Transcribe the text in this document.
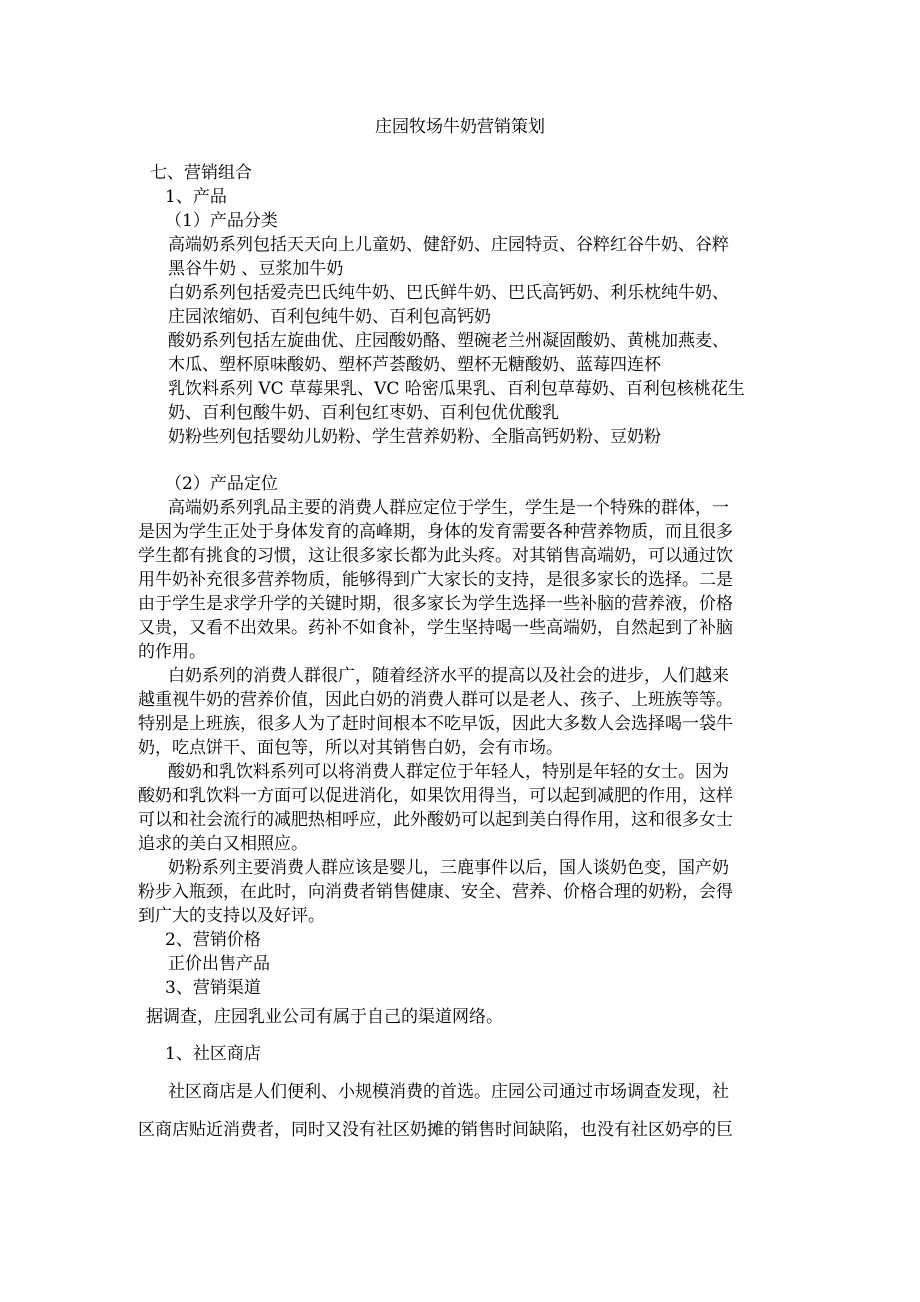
庄园牧场牛奶营销策划
七、营销组合
1、产品
（1）产品分类
高端奶系列包括天天向上儿童奶、健舒奶、庄园特贡、谷粹红谷牛奶、谷粹
黑谷牛奶 、豆浆加牛奶
白奶系列包括爱壳巴氏纯牛奶、巴氏鲜牛奶、巴氏高钙奶、利乐枕纯牛奶、
庄园浓缩奶、百利包纯牛奶、百利包高钙奶
酸奶系列包括左旋曲优、庄园酸奶酪、塑碗老兰州凝固酸奶、黄桃加燕麦、
木瓜、塑杯原味酸奶、塑杯芦荟酸奶、塑杯无糖酸奶、蓝莓四连杯
乳饮料系列 VC 草莓果乳、VC 哈密瓜果乳、百利包草莓奶、百利包核桃花生
奶、百利包酸牛奶、百利包红枣奶、百利包优优酸乳
奶粉些列包括婴幼儿奶粉、学生营养奶粉、全脂高钙奶粉、豆奶粉
（2）产品定位
高端奶系列乳品主要的消费人群应定位于学生，学生是一个特殊的群体，一
是因为学生正处于身体发育的高峰期，身体的发育需要各种营养物质，而且很多
学生都有挑食的习惯，这让很多家长都为此头疼。对其销售高端奶，可以通过饮
用牛奶补充很多营养物质，能够得到广大家长的支持，是很多家长的选择。二是
由于学生是求学升学的关键时期，很多家长为学生选择一些补脑的营养液，价格
又贵，又看不出效果。药补不如食补，学生坚持喝一些高端奶，自然起到了补脑
的作用。
白奶系列的消费人群很广，随着经济水平的提高以及社会的进步，人们越来
越重视牛奶的营养价值，因此白奶的消费人群可以是老人、孩子、上班族等等。
特别是上班族，很多人为了赶时间根本不吃早饭，因此大多数人会选择喝一袋牛
奶，吃点饼干、面包等，所以对其销售白奶，会有市场。
酸奶和乳饮料系列可以将消费人群定位于年轻人，特别是年轻的女士。因为
酸奶和乳饮料一方面可以促进消化，如果饮用得当，可以起到减肥的作用，这样
可以和社会流行的减肥热相呼应，此外酸奶可以起到美白得作用，这和很多女士
追求的美白又相照应。
奶粉系列主要消费人群应该是婴儿，三鹿事件以后，国人谈奶色变，国产奶
粉步入瓶颈，在此时，向消费者销售健康、安全、营养、价格合理的奶粉，会得
到广大的支持以及好评。
2、营销价格
正价出售产品
3、营销渠道
据调查，庄园乳业公司有属于自己的渠道网络。
1、社区商店
社区商店是人们便利、小规模消费的首选。庄园公司通过市场调查发现，社
区商店贴近消费者，同时又没有社区奶摊的销售时间缺陷，也没有社区奶亭的巨
